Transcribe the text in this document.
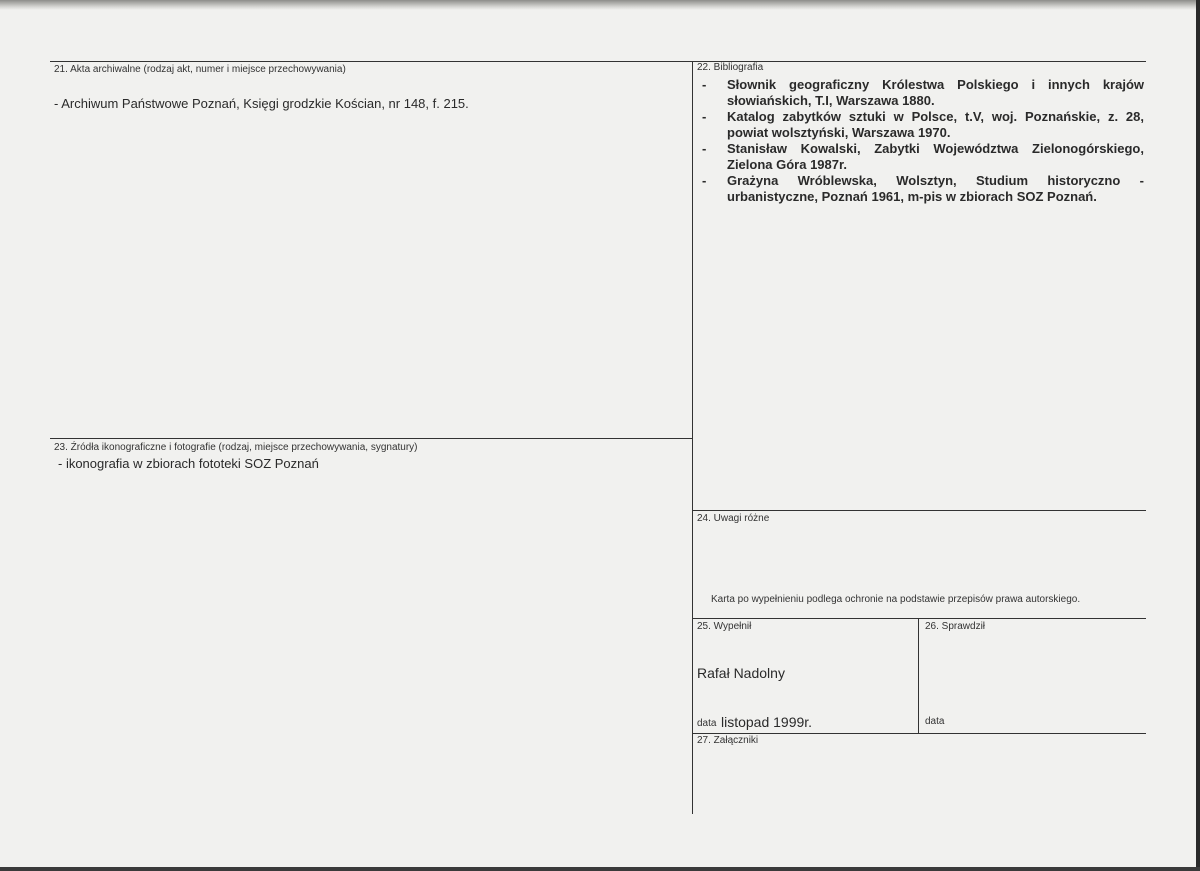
21. Akta archiwalne (rodzaj akt, numer i miejsce przechowywania)
- Archiwum Państwowe Poznań, Księgi grodzkie Kościan, nr 148, f. 215.
22. Bibliografia
- Słownik geograficzny Królestwa Polskiego i innych krajów słowiańskich, T.I, Warszawa 1880.
- Katalog zabytków sztuki w Polsce, t.V, woj. Poznańskie, z. 28, powiat wolsztyński, Warszawa 1970.
- Stanisław Kowalski, Zabytki Województwa Zielonogórskiego, Zielona Góra 1987r.
- Grażyna Wróblewska, Wolsztyn, Studium historyczno - urbanistyczne, Poznań 1961, m-pis w zbiorach SOZ Poznań.
23. Źródła ikonograficzne i fotografie (rodzaj, miejsce przechowywania, sygnatury)
- ikonografia w zbiorach fototeki SOZ Poznań
24. Uwagi różne
Karta po wypełnieniu podlega ochronie na podstawie przepisów prawa autorskiego.
25. Wypełnił
Rafał Nadolny
data listopad 1999r.
26. Sprawdził
data
27. Załączniki
